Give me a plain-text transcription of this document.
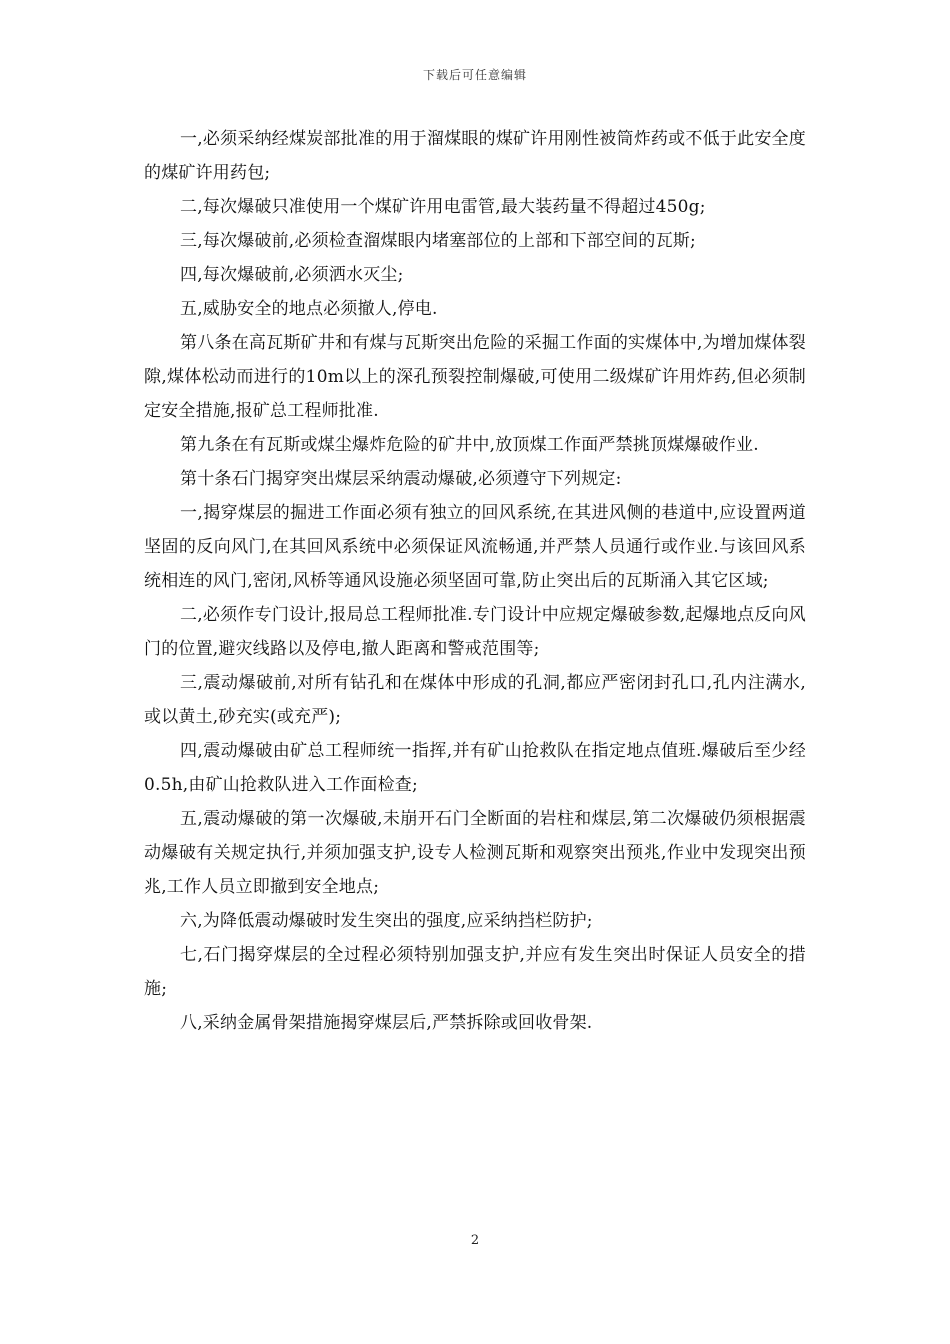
下载后可任意编辑

一,必须采纳经煤炭部批准的用于溜煤眼的煤矿许用刚性被筒炸药或不低于此安全度的煤矿许用药包;

二,每次爆破只准使用一个煤矿许用电雷管,最大装药量不得超过450g;

三,每次爆破前,必须检查溜煤眼内堵塞部位的上部和下部空间的瓦斯;

四,每次爆破前,必须洒水灭尘;

五,威胁安全的地点必须撤人,停电.

第八条在高瓦斯矿井和有煤与瓦斯突出危险的采掘工作面的实煤体中,为增加煤体裂隙,煤体松动而进行的10m以上的深孔预裂控制爆破,可使用二级煤矿许用炸药,但必须制定安全措施,报矿总工程师批准.

第九条在有瓦斯或煤尘爆炸危险的矿井中,放顶煤工作面严禁挑顶煤爆破作业.

第十条石门揭穿突出煤层采纳震动爆破,必须遵守下列规定:

一,揭穿煤层的掘进工作面必须有独立的回风系统,在其进风侧的巷道中,应设置两道坚固的反向风门,在其回风系统中必须保证风流畅通,并严禁人员通行或作业.与该回风系统相连的风门,密闭,风桥等通风设施必须坚固可靠,防止突出后的瓦斯涌入其它区域;

二,必须作专门设计,报局总工程师批准.专门设计中应规定爆破参数,起爆地点反向风门的位置,避灾线路以及停电,撤人距离和警戒范围等;

三,震动爆破前,对所有钻孔和在煤体中形成的孔洞,都应严密闭封孔口,孔内注满水,或以黄土,砂充实(或充严);

四,震动爆破由矿总工程师统一指挥,并有矿山抢救队在指定地点值班.爆破后至少经0.5h,由矿山抢救队进入工作面检查;

五,震动爆破的第一次爆破,未崩开石门全断面的岩柱和煤层,第二次爆破仍须根据震动爆破有关规定执行,并须加强支护,设专人检测瓦斯和观察突出预兆,作业中发现突出预兆,工作人员立即撤到安全地点;

六,为降低震动爆破时发生突出的强度,应采纳挡栏防护;

七,石门揭穿煤层的全过程必须特别加强支护,并应有发生突出时保证人员安全的措施;

八,采纳金属骨架措施揭穿煤层后,严禁拆除或回收骨架.

2
